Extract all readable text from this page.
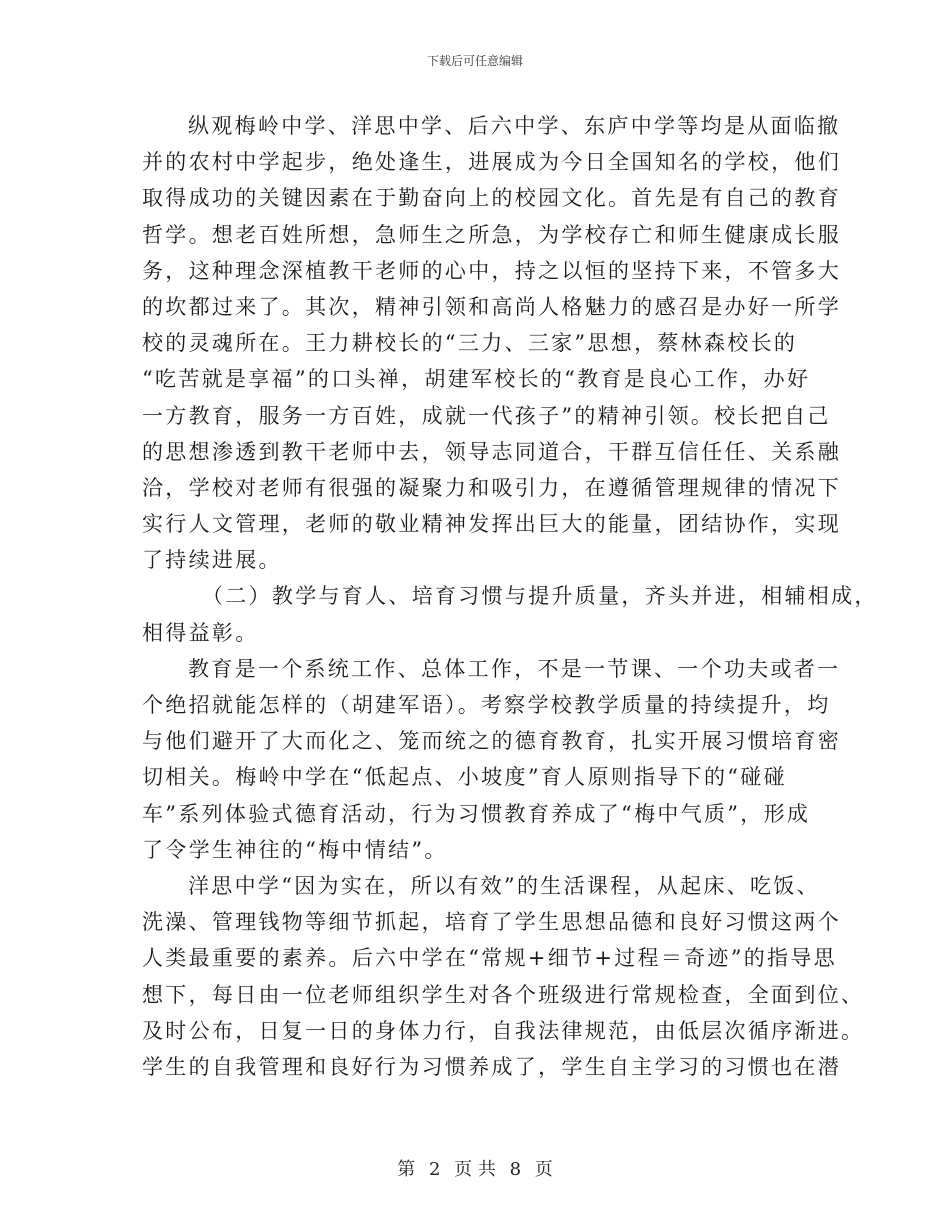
下载后可任意编辑
纵观梅岭中学、洋思中学、后六中学、东庐中学等均是从面临撤
并的农村中学起步，绝处逢生，进展成为今日全国知名的学校，他们
取得成功的关键因素在于勤奋向上的校园文化。首先是有自己的教育
哲学。想老百姓所想，急师生之所急，为学校存亡和师生健康成长服
务，这种理念深植教干老师的心中，持之以恒的坚持下来，不管多大
的坎都过来了。其次，精神引领和高尚人格魅力的感召是办好一所学
校的灵魂所在。王力耕校长的“三力、三家”思想，蔡林森校长的
“吃苦就是享福”的口头禅，胡建军校长的“教育是良心工作，办好
一方教育，服务一方百姓，成就一代孩子”的精神引领。校长把自己
的思想渗透到教干老师中去，领导志同道合，干群互信任任、关系融
洽，学校对老师有很强的凝聚力和吸引力，在遵循管理规律的情况下
实行人文管理，老师的敬业精神发挥出巨大的能量，团结协作，实现
了持续进展。
（二）教学与育人、培育习惯与提升质量，齐头并进，相辅相成，
相得益彰。
教育是一个系统工作、总体工作，不是一节课、一个功夫或者一
个绝招就能怎样的（胡建军语）。考察学校教学质量的持续提升，均
与他们避开了大而化之、笼而统之的德育教育，扎实开展习惯培育密
切相关。梅岭中学在“低起点、小坡度”育人原则指导下的“碰碰
车”系列体验式德育活动，行为习惯教育养成了“梅中气质”，形成
了令学生神往的“梅中情结”。
洋思中学“因为实在，所以有效”的生活课程，从起床、吃饭、
洗澡、管理钱物等细节抓起，培育了学生思想品德和良好习惯这两个
人类最重要的素养。后六中学在“常规+细节+过程＝奇迹”的指导思
想下，每日由一位老师组织学生对各个班级进行常规检查，全面到位、
及时公布，日复一日的身体力行，自我法律规范，由低层次循序渐进。
学生的自我管理和良好行为习惯养成了，学生自主学习的习惯也在潜
第 2 页 共 8 页
